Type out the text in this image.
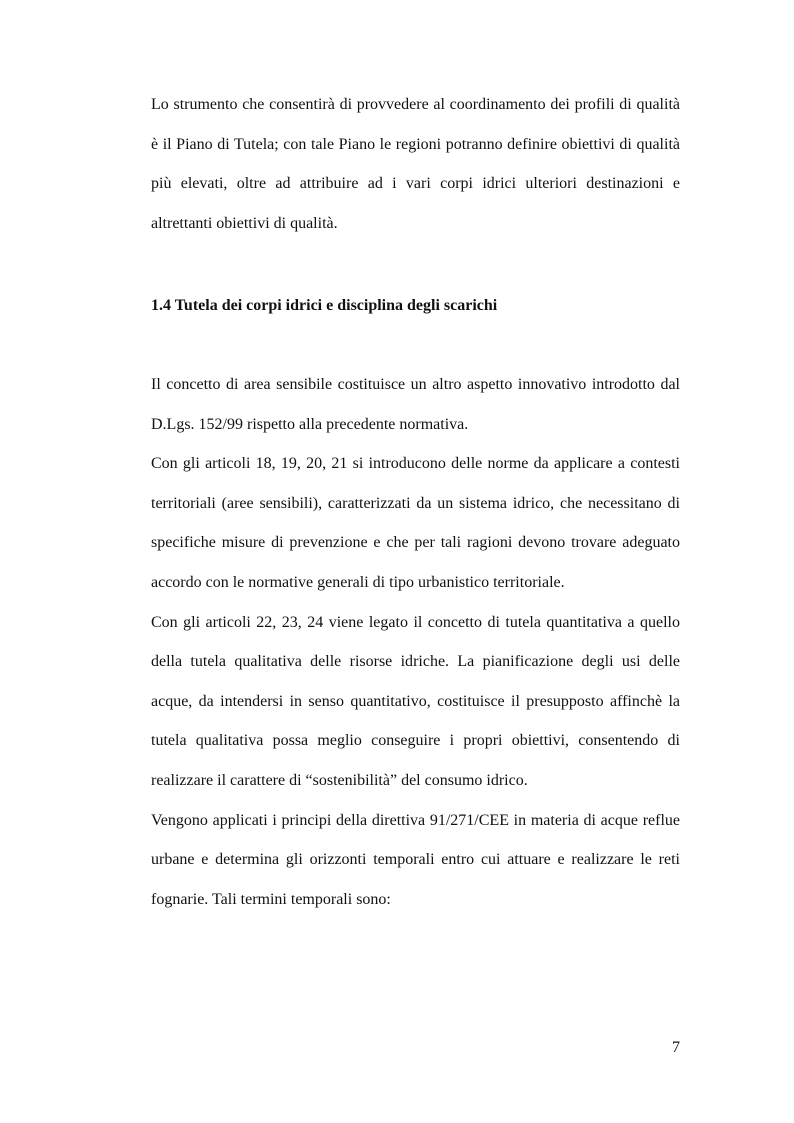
Lo strumento che consentirà di provvedere al coordinamento dei profili di qualità è il Piano di Tutela; con tale Piano le regioni potranno definire obiettivi di qualità più elevati, oltre ad attribuire ad i vari corpi idrici ulteriori destinazioni e altrettanti obiettivi di qualità.

1.4 Tutela dei corpi idrici e disciplina degli scarichi

Il concetto di area sensibile costituisce un altro aspetto innovativo introdotto dal D.Lgs. 152/99 rispetto alla precedente normativa.

Con gli articoli 18, 19, 20, 21 si introducono delle norme da applicare a contesti territoriali (aree sensibili), caratterizzati da un sistema idrico, che necessitano di specifiche misure di prevenzione e che per tali ragioni devono trovare adeguato accordo con le normative generali di tipo urbanistico territoriale.

Con gli articoli 22, 23, 24 viene legato il concetto di tutela quantitativa a quello della tutela qualitativa delle risorse idriche. La pianificazione degli usi delle acque, da intendersi in senso quantitativo, costituisce il presupposto affinchè la tutela qualitativa possa meglio conseguire i propri obiettivi, consentendo di realizzare il carattere di “sostenibilità” del consumo idrico.

Vengono applicati i principi della direttiva 91/271/CEE in materia di acque reflue urbane e determina gli orizzonti temporali entro cui attuare e realizzare le reti fognarie. Tali termini temporali sono:

7
